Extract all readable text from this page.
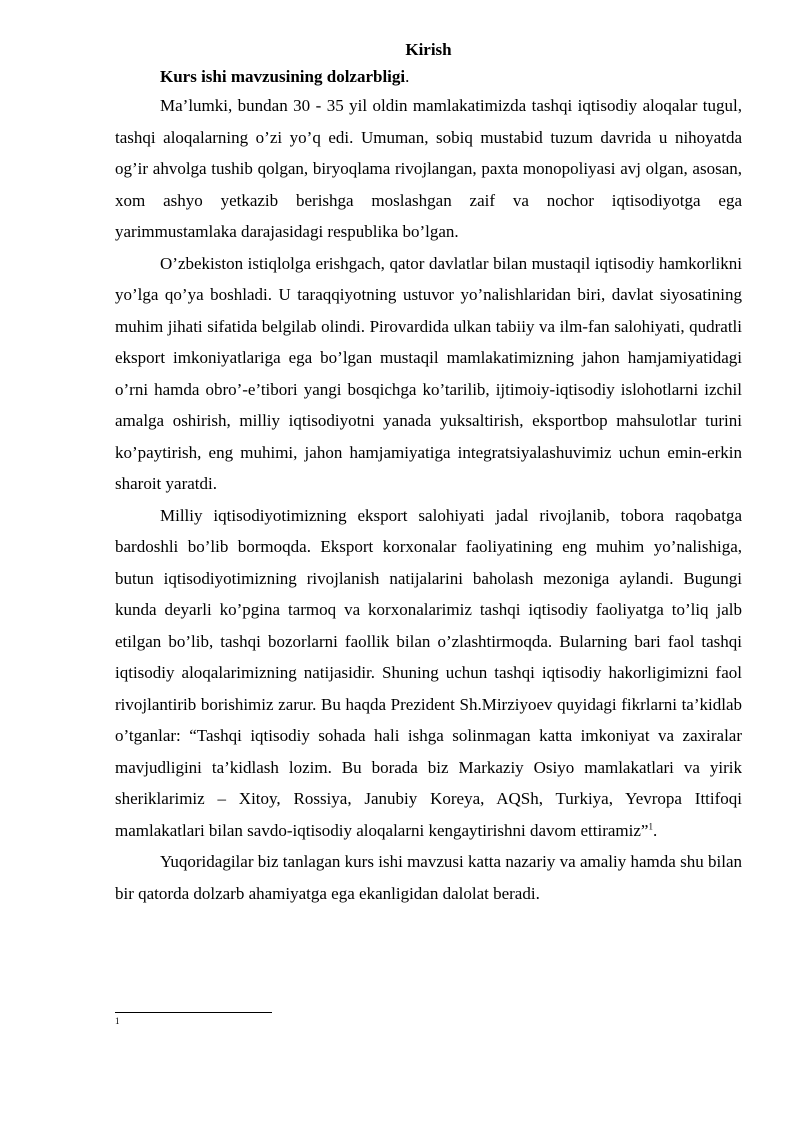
Kirish
Kurs ishi mavzusining dolzarbligi.

Ma’lumki, bundan 30 - 35 yil oldin mamlakatimizda tashqi iqtisodiy aloqalar tugul, tashqi aloqalarning o’zi yo’q edi. Umuman, sobiq mustabid tuzum davrida u nihoyatda og’ir ahvolga tushib qolgan, biryoqlama rivojlangan, paxta monopoliyasi avj olgan, asosan, xom ashyo yetkazib berishga moslashgan zaif va nochor iqtisodiyotga ega yarimmustamlaka darajasidagi respublika bo’lgan.

O’zbekiston istiqlolga erishgach, qator davlatlar bilan mustaqil iqtisodiy hamkorlikni yo’lga qo’ya boshladi. U taraqqiyotning ustuvor yo’nalishlaridan biri, davlat siyosatining muhim jihati sifatida belgilab olindi. Pirovardida ulkan tabiiy va ilm-fan salohiyati, qudratli eksport imkoniyatlariga ega bo’lgan mustaqil mamlakatimizning jahon hamjamiyatidagi o’rni hamda obro’-e’tibori yangi bosqichga ko’tarilib, ijtimoiy-iqtisodiy islohotlarni izchil amalga oshirish, milliy iqtisodiyotni yanada yuksaltirish, eksportbop mahsulotlar turini ko’paytirish, eng muhimi, jahon hamjamiyatiga integratsiyalashuvimiz uchun emin-erkin sharoit yaratdi.

Milliy iqtisodiyotimizning eksport salohiyati jadal rivojlanib, tobora raqobatga bardoshli bo’lib bormoqda. Eksport korxonalar faoliyatining eng muhim yo’nalishiga, butun iqtisodiyotimizning rivojlanish natijalarini baholash mezoniga aylandi. Bugungi kunda deyarli ko’pgina tarmoq va korxonalarimiz tashqi iqtisodiy faoliyatga to’liq jalb etilgan bo’lib, tashqi bozorlarni faollik bilan o’zlashtirmoqda. Bularning bari faol tashqi iqtisodiy aloqalarimizning natijasidir. Shuning uchun tashqi iqtisodiy hakorligimizni faol rivojlantirib borishimiz zarur. Bu haqda Prezident Sh.Mirziyoev quyidagi fikrlarni ta’kidlab o’tganlar: “Tashqi iqtisodiy sohada hali ishga solinmagan katta imkoniyat va zaxiralar mavjudligini ta’kidlash lozim. Bu borada biz Markaziy Osiyo mamlakatlari va yirik sheriklarimiz – Xitoy, Rossiya, Janubiy Koreya, AQSh, Turkiya, Yevropa Ittifoqi mamlakatlari bilan savdo-iqtisodiy aloqalarni kengaytirishni davom ettiramiz”$^1$.

Yuqoridagilar biz tanlagan kurs ishi mavzusi katta nazariy va amaliy hamda shu bilan bir qatorda dolzarb ahamiyatga ega ekanligidan dalolat beradi.

1
